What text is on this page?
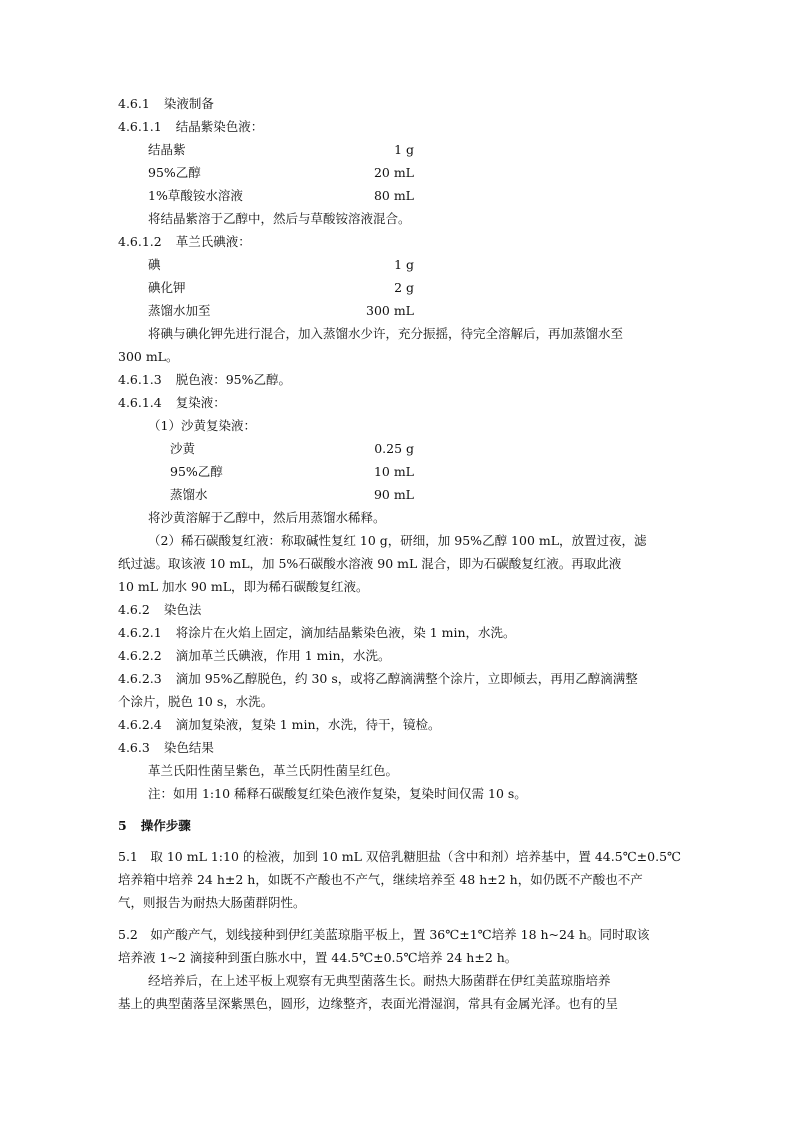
4.6.1 染液制备
4.6.1.1 结晶紫染色液：
结晶紫	1 g
95%乙醇	20 mL
1%草酸铵水溶液	80 mL
将结晶紫溶于乙醇中，然后与草酸铵溶液混合。
4.6.1.2 革兰氏碘液：
碘	1 g
碘化钾	2 g
蒸馏水加至	300 mL
将碘与碘化钾先进行混合，加入蒸馏水少许，充分振摇，待完全溶解后，再加蒸馏水至
300 mL。
4.6.1.3 脱色液：95%乙醇。
4.6.1.4 复染液：
（1）沙黄复染液：
沙黄	0.25 g
95%乙醇	10 mL
蒸馏水	90 mL
将沙黄溶解于乙醇中，然后用蒸馏水稀释。
（2）稀石碳酸复红液：称取碱性复红 10 g，研细，加 95%乙醇 100 mL，放置过夜，滤
纸过滤。取该液 10 mL，加 5%石碳酸水溶液 90 mL 混合，即为石碳酸复红液。再取此液
10 mL 加水 90 mL，即为稀石碳酸复红液。
4.6.2 染色法
4.6.2.1 将涂片在火焰上固定，滴加结晶紫染色液，染 1 min，水洗。
4.6.2.2 滴加革兰氏碘液，作用 1 min，水洗。
4.6.2.3 滴加 95%乙醇脱色，约 30 s，或将乙醇滴满整个涂片，立即倾去，再用乙醇滴满整
个涂片，脱色 10 s，水洗。
4.6.2.4 滴加复染液，复染 1 min，水洗，待干，镜检。
4.6.3 染色结果
革兰氏阳性菌呈紫色，革兰氏阴性菌呈红色。
注：如用 1:10 稀释石碳酸复红染色液作复染，复染时间仅需 10 s。
5 操作步骤
5.1　取 10 mL 1:10 的检液，加到 10 mL 双倍乳糖胆盐（含中和剂）培养基中，置 44.5℃±0.5℃
培养箱中培养 24 h±2 h，如既不产酸也不产气，继续培养至 48 h±2 h，如仍既不产酸也不产
气，则报告为耐热大肠菌群阴性。
5.2　如产酸产气，划线接种到伊红美蓝琼脂平板上，置 36℃±1℃培养 18 h~24 h。同时取该
培养液 1~2 滴接种到蛋白胨水中，置 44.5℃±0.5℃培养 24 h±2 h。
经培养后，在上述平板上观察有无典型菌落生长。耐热大肠菌群在伊红美蓝琼脂培养
基上的典型菌落呈深紫黑色，圆形，边缘整齐，表面光滑湿润，常具有金属光泽。也有的呈
